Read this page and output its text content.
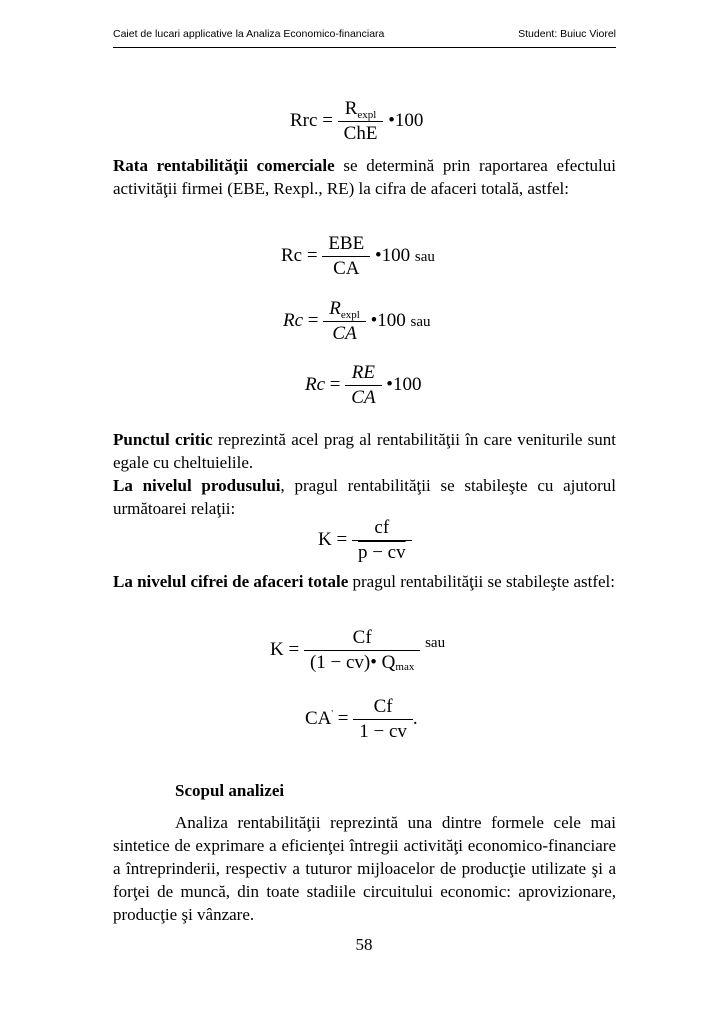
Caiet de lucari applicative la Analiza Economico-financiara	Student: Buiuc Viorel
Rrc = $\frac{R^{expl}}{\text{ChE}}$ •100
Rata rentabilităţii comerciale se determină prin raportarea efectului activităţii firmei (EBE, Rexpl., RE) la cifra de afaceri totală, astfel:
$Rc = \frac{\text{EBE}}{CA}$ •100 sau
$Rc = \frac{R^{expl}}{CA}$ •100 sau
$Rc = \frac{RE}{CA}$ •100
Punctul critic reprezintă acel prag al rentabilităţii în care veniturile sunt egale cu cheltuielile.
La nivelul produsului, pragul rentabilităţii se stabileşte cu ajutorul următoarei relaţii:
$K = \frac{cf}{p - cv}$
La nivelul cifrei de afaceri totale pragul rentabilităţii se stabileşte astfel:
$K = \frac{Cf}{(1 - cv)• Q_{max}} ^{sau}$
$CA' = \frac{Cf}{1 - cv}$ .
Scopul analizei
Analiza rentabilităţii reprezintă una dintre formele cele mai sintetice de exprimare a eficienţei întregii activităţi economico-financiare a întreprinderii, respectiv a tuturor mijloacelor de producţie utilizate şi a forţei de muncă, din toate stadiile circuitului economic: aprovizionare, producţie şi vânzare.
58
